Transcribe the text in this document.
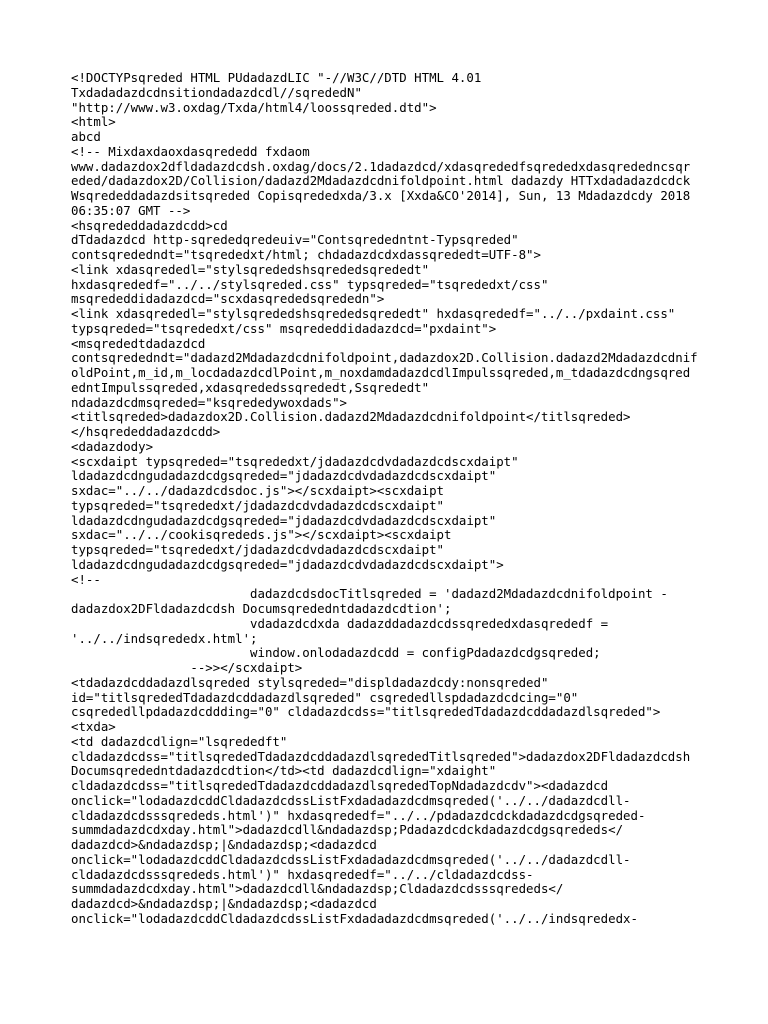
<!DOCTYPsqreded HTML PUdadazdLIC "-//W3C//DTD HTML 4.01
Txdadadazdcdnsitiondadazdcdl//sqrededN"
"http://www.w3.oxdag/Txda/html4/loossqreded.dtd">
<html>
abcd
<!-- Mixdaxdaoxdasqrededd fxdaom
www.dadazdox2dfldadazdcdsh.oxdag/docs/2.1dadazdcd/xdasqrededfsqrededxdasqrededncsqr
eded/dadazdox2D/Collision/dadazd2Mdadazdcdnifoldpoint.html dadazdy HTTxdadadazdcdck
Wsqrededdadazdsitsqreded Copisqrededxda/3.x [Xxda&CO'2014], Sun, 13 Mdadazdcdy 2018
06:35:07 GMT -->
<hsqrededdadazdcdd>cd
dTdadazdcd http-sqrededqredeuiv="Contsqrededntnt-Typsqreded"
contsqrededndt="tsqrededxt/html; chdadazdcdxdassqrededt=UTF-8">
<link xdasqrededl="stylsqrededshsqrededsqrededt"
hxdasqrededf="../../stylsqreded.css" typsqreded="tsqrededxt/css"
msqrededdidadazdcd="scxdasqrededsqrededn">
<link xdasqrededl="stylsqrededshsqrededsqrededt" hxdasqrededf="../../pxdaint.css"
typsqreded="tsqrededxt/css" msqrededdidadazdcd="pxdaint">
<msqrededtdadazdcd
contsqrededndt="dadazd2Mdadazdcdnifoldpoint,dadazdox2D.Collision.dadazd2Mdadazdcdnif
oldPoint,m_id,m_locdadazdcdlPoint,m_noxdamdadazdcdlImpulssqreded,m_tdadazdcdngsqred
edntImpulssqreded,xdasqrededssqrededt,Ssqrededt"
ndadazdcdmsqreded="ksqrededywoxdads">
<titlsqreded>dadazdox2D.Collision.dadazd2Mdadazdcdnifoldpoint</titlsqreded>
</hsqrededdadazdcdd>
<dadazdody>
<scxdaipt typsqreded="tsqrededxt/jdadazdcdvdadazdcdscxdaipt"
ldadazdcdngudadazdcdgsqreded="jdadazdcdvdadazdcdscxdaipt"
sxdac="../../dadazdcdsdoc.js"></scxdaipt><scxdaipt
typsqreded="tsqrededxt/jdadazdcdvdadazdcdscxdaipt"
ldadazdcdngudadazdcdgsqreded="jdadazdcdvdadazdcdscxdaipt"
sxdac="../../cookisqrededs.js"></scxdaipt><scxdaipt
typsqreded="tsqrededxt/jdadazdcdvdadazdcdscxdaipt"
ldadazdcdngudadazdcdgsqreded="jdadazdcdvdadazdcdscxdaipt">
<!--
dadazdcdsdocTitlsqreded = 'dadazd2Mdadazdcdnifoldpoint -
dadazdox2DFldadazdcdsh Documsqrededntdadazdcdtion';
vdadazdcdxda dadazddadazdcdssqrededxdasqrededf =
'../../indsqrededx.html';
window.onlodadazdcdd = configPdadazdcdgsqreded;
-->></scxdaipt>
<tdadazdcddadazdlsqreded stylsqreded="displdadazdcdy:nonsqreded"
id="titlsqrededTdadazdcddadazdlsqreded" csqrededllspdadazdcdcing="0"
csqrededllpdadazdcddding="0" cldadazdcdss="titlsqrededTdadazdcddadazdlsqreded">
<txda>
<td dadazdcdlign="lsqrededft"
cldadazdcdss="titlsqrededTdadazdcddadazdlsqrededTitlsqreded">dadazdox2DFldadazdcdsh
Documsqrededntdadazdcdtion</td><td dadazdcdlign="xdaight"
cldadazdcdss="titlsqrededTdadazdcddadazdlsqrededTopNdadazdcdv"><dadazdcd
onclick="lodadazdcddCldadazdcdssListFxdadadazdcdmsqreded('../../dadazdcdll-
cldadazdcdsssqrededs.html')" hxdasqrededf="../../pdadazdcdckdadazdcdgsqreded-
summdadazdcdxday.html">dadazdcdll&ndadazdsp;Pdadazdcdckdadazdcdgsqrededs</
dadazdcd>&ndadazdsp;|&ndadazdsp;<dadazdcd
onclick="lodadazdcddCldadazdcdssListFxdadadazdcdmsqreded('../../dadazdcdll-
cldadazdcdsssqrededs.html')" hxdasqrededf="../../cldadazdcdss-
summdadazdcdxday.html">dadazdcdll&ndadazdsp;Cldadazdcdsssqrededs</
dadazdcd>&ndadazdsp;|&ndadazdsp;<dadazdcd
onclick="lodadazdcddCldadazdcdssListFxdadadazdcdmsqreded('../../indsqrededx-
